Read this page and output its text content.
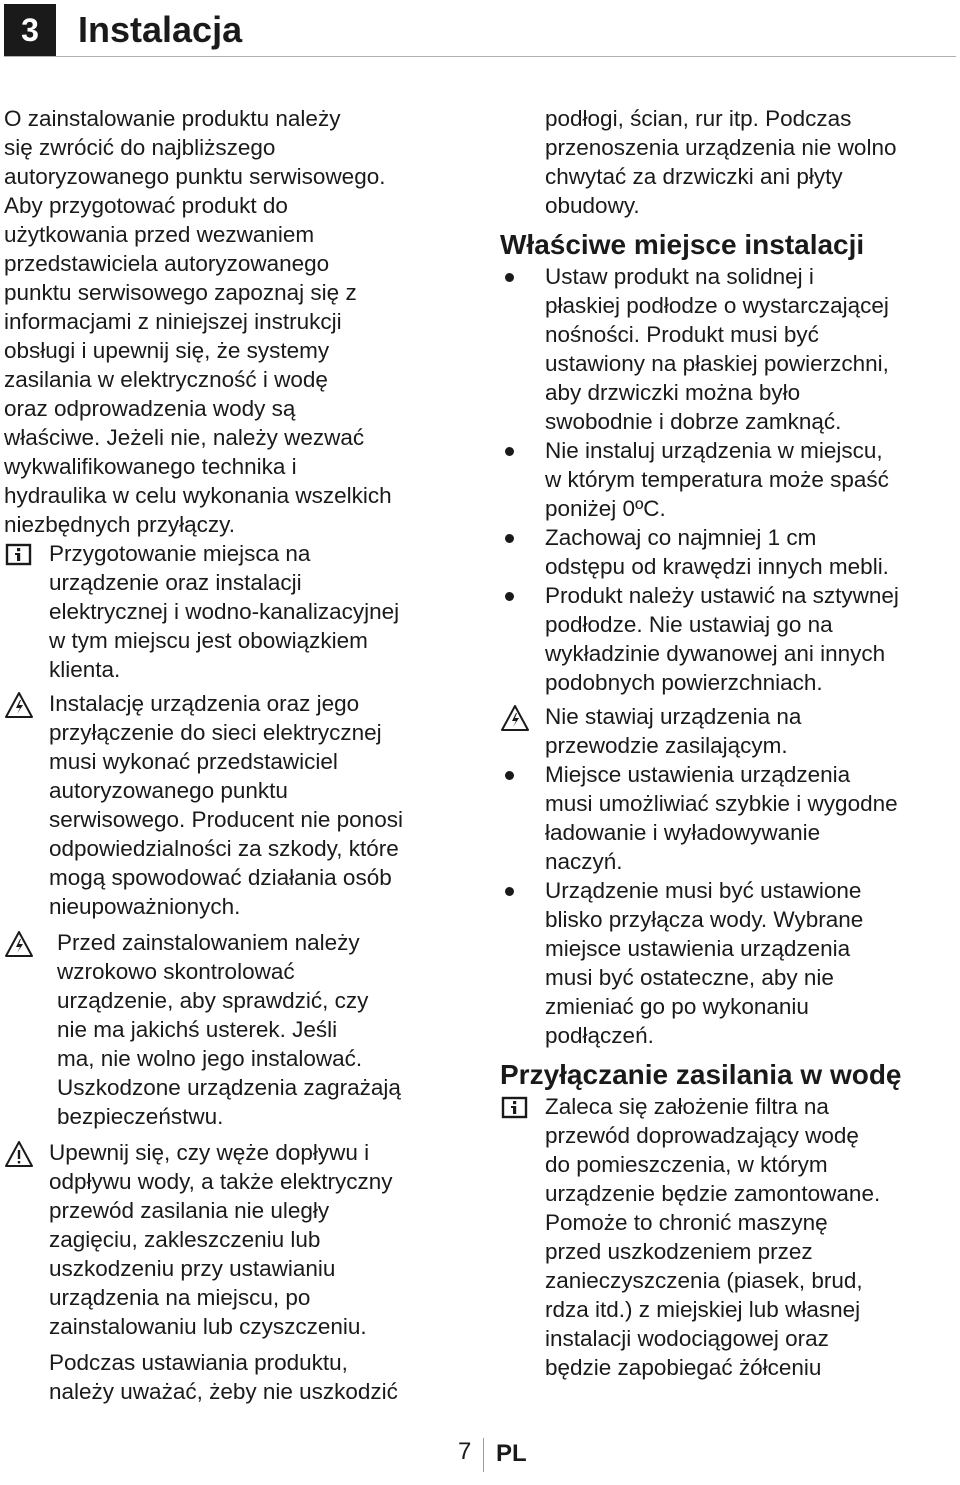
3	Instalacja
O zainstalowanie produktu należy
się zwrócić do najbliższego
autoryzowanego punktu serwisowego.
Aby przygotować produkt do
użytkowania przed wezwaniem
przedstawiciela autoryzowanego
punktu serwisowego zapoznaj się z
informacjami z niniejszej instrukcji
obsługi i upewnij się, że systemy
zasilania w elektryczność i wodę
oraz odprowadzenia wody są
właściwe. Jeżeli nie, należy wezwać
wykwalifikowanego technika i
hydraulika w celu wykonania wszelkich
niezbędnych przyłączy.
Przygotowanie miejsca na
urządzenie oraz instalacji
elektrycznej i wodno-kanalizacyjnej
w tym miejscu jest obowiązkiem
klienta.
Instalację urządzenia oraz jego
przyłączenie do sieci elektrycznej
musi wykonać przedstawiciel
autoryzowanego punktu
serwisowego. Producent nie ponosi
odpowiedzialności za szkody, które
mogą spowodować działania osób
nieupoważnionych.
Przed zainstalowaniem należy
wzrokowo skontrolować
urządzenie, aby sprawdzić, czy
nie ma jakichś usterek. Jeśli
ma, nie wolno jego instalować.
Uszkodzone urządzenia zagrażają
bezpieczeństwu.
Upewnij się, czy węże dopływu i
odpływu wody, a także elektryczny
przewód zasilania nie uległy
zagięciu, zakleszczeniu lub
uszkodzeniu przy ustawianiu
urządzenia na miejscu, po
zainstalowaniu lub czyszczeniu.
Podczas ustawiania produktu,
należy uważać, żeby nie uszkodzić
podłogi, ścian, rur itp. Podczas
przenoszenia urządzenia nie wolno
chwytać za drzwiczki ani płyty
obudowy.
Właściwe miejsce instalacji
Ustaw produkt na solidnej i
płaskiej podłodze o wystarczającej
nośności. Produkt musi być
ustawiony na płaskiej powierzchni,
aby drzwiczki można było
swobodnie i dobrze zamknąć.
Nie instaluj urządzenia w miejscu,
w którym temperatura może spaść
poniżej 0ºC.
Zachowaj co najmniej 1 cm
odstępu od krawędzi innych mebli.
Produkt należy ustawić na sztywnej
podłodze. Nie ustawiaj go na
wykładzinie dywanowej ani innych
podobnych powierzchniach.
Nie stawiaj urządzenia na
przewodzie zasilającym.
Miejsce ustawienia urządzenia
musi umożliwiać szybkie i wygodne
ładowanie i wyładowywanie
naczyń.
Urządzenie musi być ustawione
blisko przyłącza wody. Wybrane
miejsce ustawienia urządzenia
musi być ostateczne, aby nie
zmieniać go po wykonaniu
podłączeń.
Przyłączanie zasilania w wodę
Zaleca się założenie filtra na
przewód doprowadzający wodę
do pomieszczenia, w którym
urządzenie będzie zamontowane.
Pomoże to chronić maszynę
przed uszkodzeniem przez
zanieczyszczenia (piasek, brud,
rdza itd.) z miejskiej lub własnej
instalacji wodociągowej oraz
będzie zapobiegać żółceniu
7 PL
